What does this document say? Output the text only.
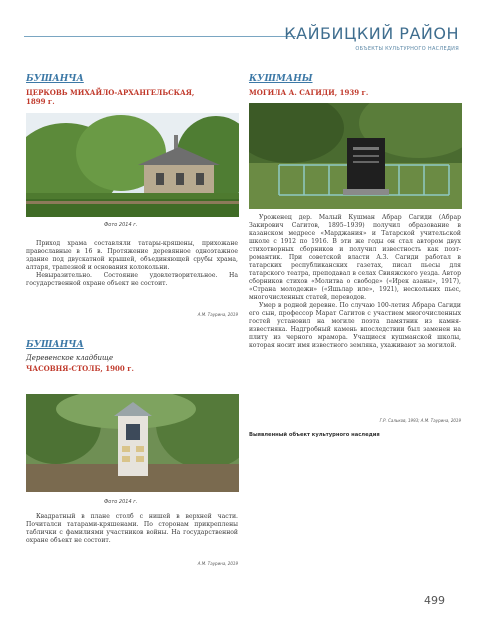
КАЙБИЦКИЙ РАЙОН
ОБЪЕКТЫ КУЛЬТУРНОГО НАСЛЕДИЯ
БУШАНЧА
ЦЕРКОВЬ МИХАЙЛО-АРХАНГЕЛЬСКАЯ,
1899 г.
Фото 2014 г.

Приход храма составляли татары-кряшены, прихожане православные в 16 в. Протяжение деревянное одноэтажное здание под двускатной крышей, объединяющей срубы храма, алтаря, трапезной и основания колокольни.

Невыразительно. Состояние удовлетворительное. На государственной охране объект не состоит.

А.М. Таурина, 2019
БУШАНЧА
Деревенское кладбище
ЧАСОВНЯ-СТОЛБ, 1900 г.
Фото 2014 г.

Квадратный в плане столб с нишей в верхней части. Почиталси татарами-кряшенами. По сторонам прикреплены таблички с фамилиями участников войны. На государственной охране объект не состоит.

А.М. Таурина, 2019
КУШМАНЫ
МОГИЛА А. САГИДИ, 1939 г.

Уроженец дер. Малый Кушман Абрар Сагиди (Абрар Закирович Сагитов, 1895–1939) получил образование в казанском медресе «Марджания» и Татарской учительской школе с 1912 по 1916. В эти же годы он стал автором двух стихотворных сборников и получил известность как поэт-романтик. При советской власти А.З. Сагиди работал в татарских республиканских газетах, писал пьесы для татарского театра, преподавал в селах Свияжского уезда. Автор сборников стихов «Молитва о свободе» («Ирек азаны», 1917), «Страна молодежи» («Яшьлар иле», 1921), нескольких пьес, многочисленных статей, переводов.

Умер в родной деревне. По случаю 100-летия Абрара Сагиди его сын, профессор Марат Сагитов с участием многочисленных гостей установил на могиле поэта памятник из камня-известняка. Надгробный камень впоследствии был заменен на плиту из черного мрамора. Учащиеся кушманской школы, которая носит имя известного земляка, ухаживают за могилой.

Г.Р. Сальков, 1993; А.М. Таурина, 2019
Выявленный объект культурного наследия
499
